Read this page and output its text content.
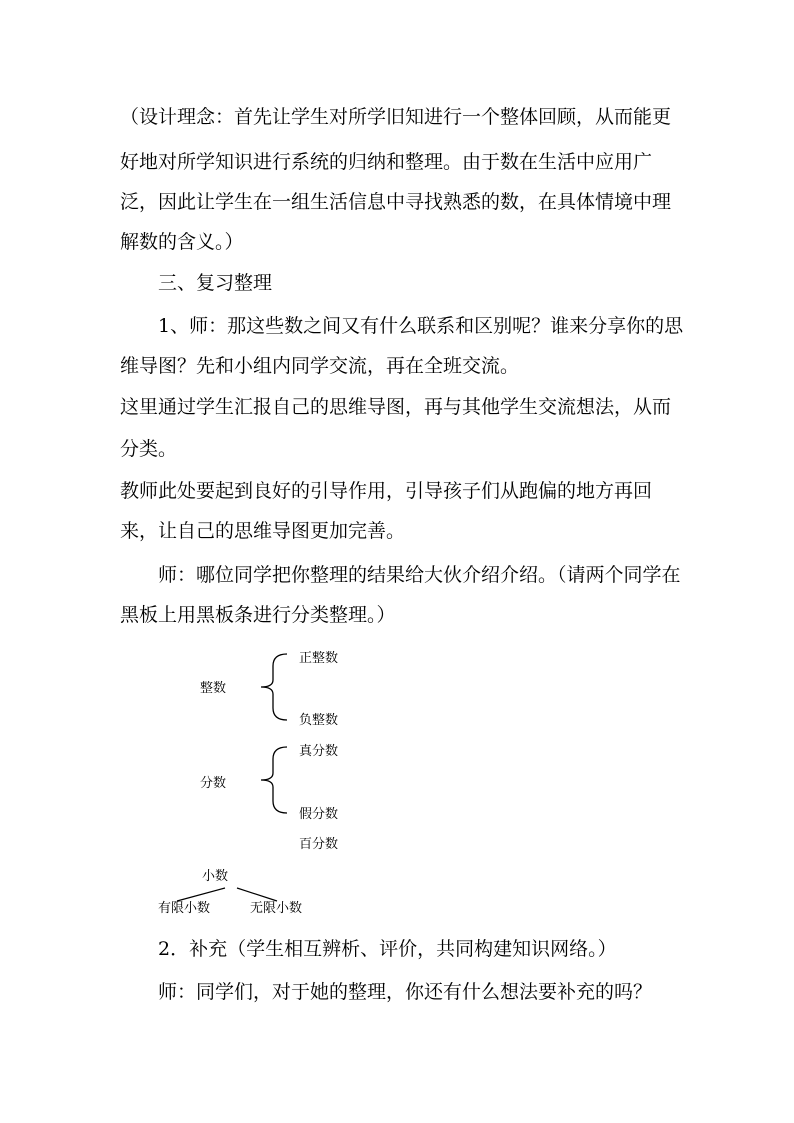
（设计理念：首先让学生对所学旧知进行一个整体回顾，从而能更
好地对所学知识进行系统的归纳和整理。由于数在生活中应用广
泛，因此让学生在一组生活信息中寻找熟悉的数，在具体情境中理
解数的含义。）
三、复习整理
1、师：那这些数之间又有什么联系和区别呢？谁来分享你的思
维导图？先和小组内同学交流，再在全班交流。
这里通过学生汇报自己的思维导图，再与其他学生交流想法，从而
分类。
教师此处要起到良好的引导作用，引导孩子们从跑偏的地方再回
来，让自己的思维导图更加完善。
师：哪位同学把你整理的结果给大伙介绍介绍。（请两个同学在
黑板上用黑板条进行分类整理。）
整数
正整数
负整数
分数
真分数
假分数
百分数
小数
有限小数	无限小数
2．补充（学生相互辨析、评价，共同构建知识网络。）
师：同学们，对于她的整理，你还有什么想法要补充的吗？
